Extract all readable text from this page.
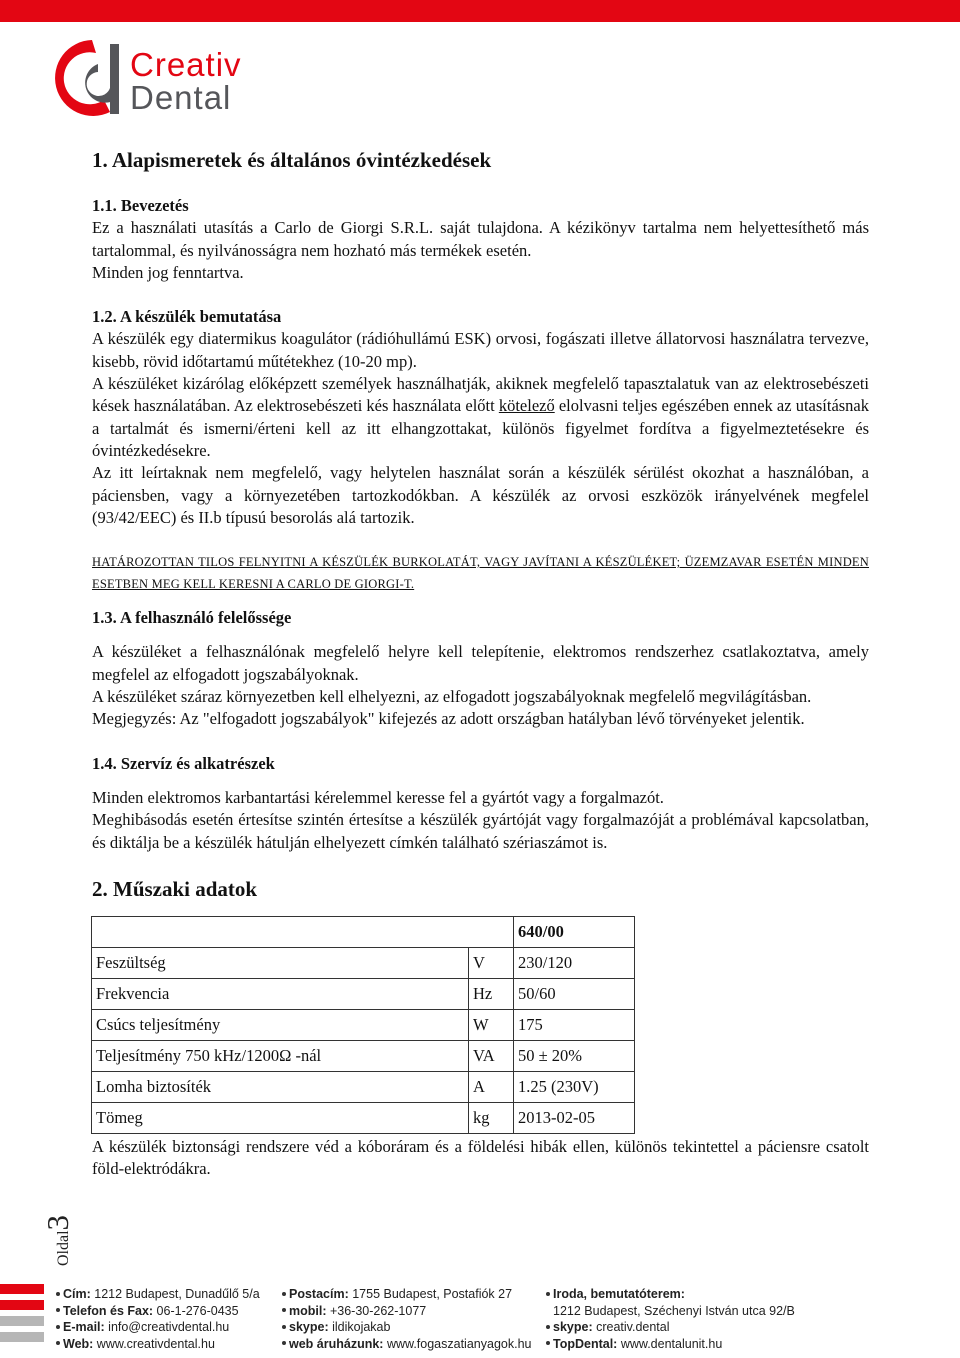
Creativ
Dental
1. Alapismeretek és általános óvintézkedések
1.1. Bevezetés

Ez a használati utasítás a Carlo de Giorgi S.R.L. saját tulajdona. A kézikönyv tartalma nem helyettesíthető más tartalommal, és nyilvánosságra nem hozható más termékek esetén.

Minden jog fenntartva.

1.2. A készülék bemutatása

A készülék egy diatermikus koagulátor (rádióhullámú ESK) orvosi, fogászati illetve állatorvosi használatra tervezve, kisebb, rövid időtartamú műtétekhez (10-20 mp).

A készüléket kizárólag előképzett személyek használhatják, akiknek megfelelő tapasztalatuk van az elektrosebészeti kések használatában. Az elektrosebészeti kés használata előtt kötelező elolvasni teljes egészében ennek az utasításnak a tartalmát és ismerni/érteni kell az itt elhangzottakat, különös figyelmet fordítva a figyelmeztetésekre és óvintézkedésekre.

Az itt leírtaknak nem megfelelő, vagy helytelen használat során a készülék sérülést okozhat a használóban, a páciensben, vagy a környezetében tartozkodókban. A készülék az orvosi eszközök irányelvének megfelel (93/42/EEC) és II.b típusú besorolás alá tartozik.

HATÁROZOTTAN TILOS FELNYITNI A KÉSZÜLÉK BURKOLATÁT, VAGY JAVÍTANI A KÉSZÜLÉKET; ÜZEMZAVAR ESETÉN MINDEN ESETBEN MEG KELL KERESNI A CARLO DE GIORGI-T.

1.3. A felhasználó felelőssége

A készüléket a felhasználónak megfelelő helyre kell telepítenie, elektromos rendszerhez csatlakoztatva, amely megfelel az elfogadott jogszabályoknak.

A készüléket száraz környezetben kell elhelyezni, az elfogadott jogszabályoknak megfelelő megvilágításban.

Megjegyzés: Az "elfogadott jogszabályok" kifejezés az adott országban hatályban lévő törvényeket jelentik.

1.4. Szervíz és alkatrészek

Minden elektromos karbantartási kérelemmel keresse fel a gyártót vagy a forgalmazót.

Meghibásodás esetén értesítse szintén értesítse a készülék gyártóját vagy forgalmazóját a problémával kapcsolatban, és diktálja be a készülék hátulján elhelyezett címkén található szériaszámot is.

2. Műszaki adatok
		640/00
Feszültség	V	230/120
Frekvencia	Hz	50/60
Csúcs teljesítmény	W	175
Teljesítmény 750 kHz/1200Ω -nál	VA	50 ± 20%
Lomha biztosíték	A	1.25 (230V)
Tömeg	kg	2013-02-05

A készülék biztonsági rendszere véd a kóboráram és a földelési hibák ellen, különös tekintettel a páciensre csatolt föld-elektródákra.

Oldal3
Cím: 1212 Budapest, Dunadűlő 5/a
Telefon és Fax: 06-1-276-0435
E-mail: info@creativdental.hu
Web: www.creativdental.hu
Postacím: 1755 Budapest, Postafiók 27
mobil: +36-30-262-1077
skype: ildikojakab
web áruházunk: www.fogaszatianyagok.hu
Iroda, bemutatóterem:
1212 Budapest, Széchenyi István utca 92/B
skype: creativ.dental
TopDental: www.dentalunit.hu
